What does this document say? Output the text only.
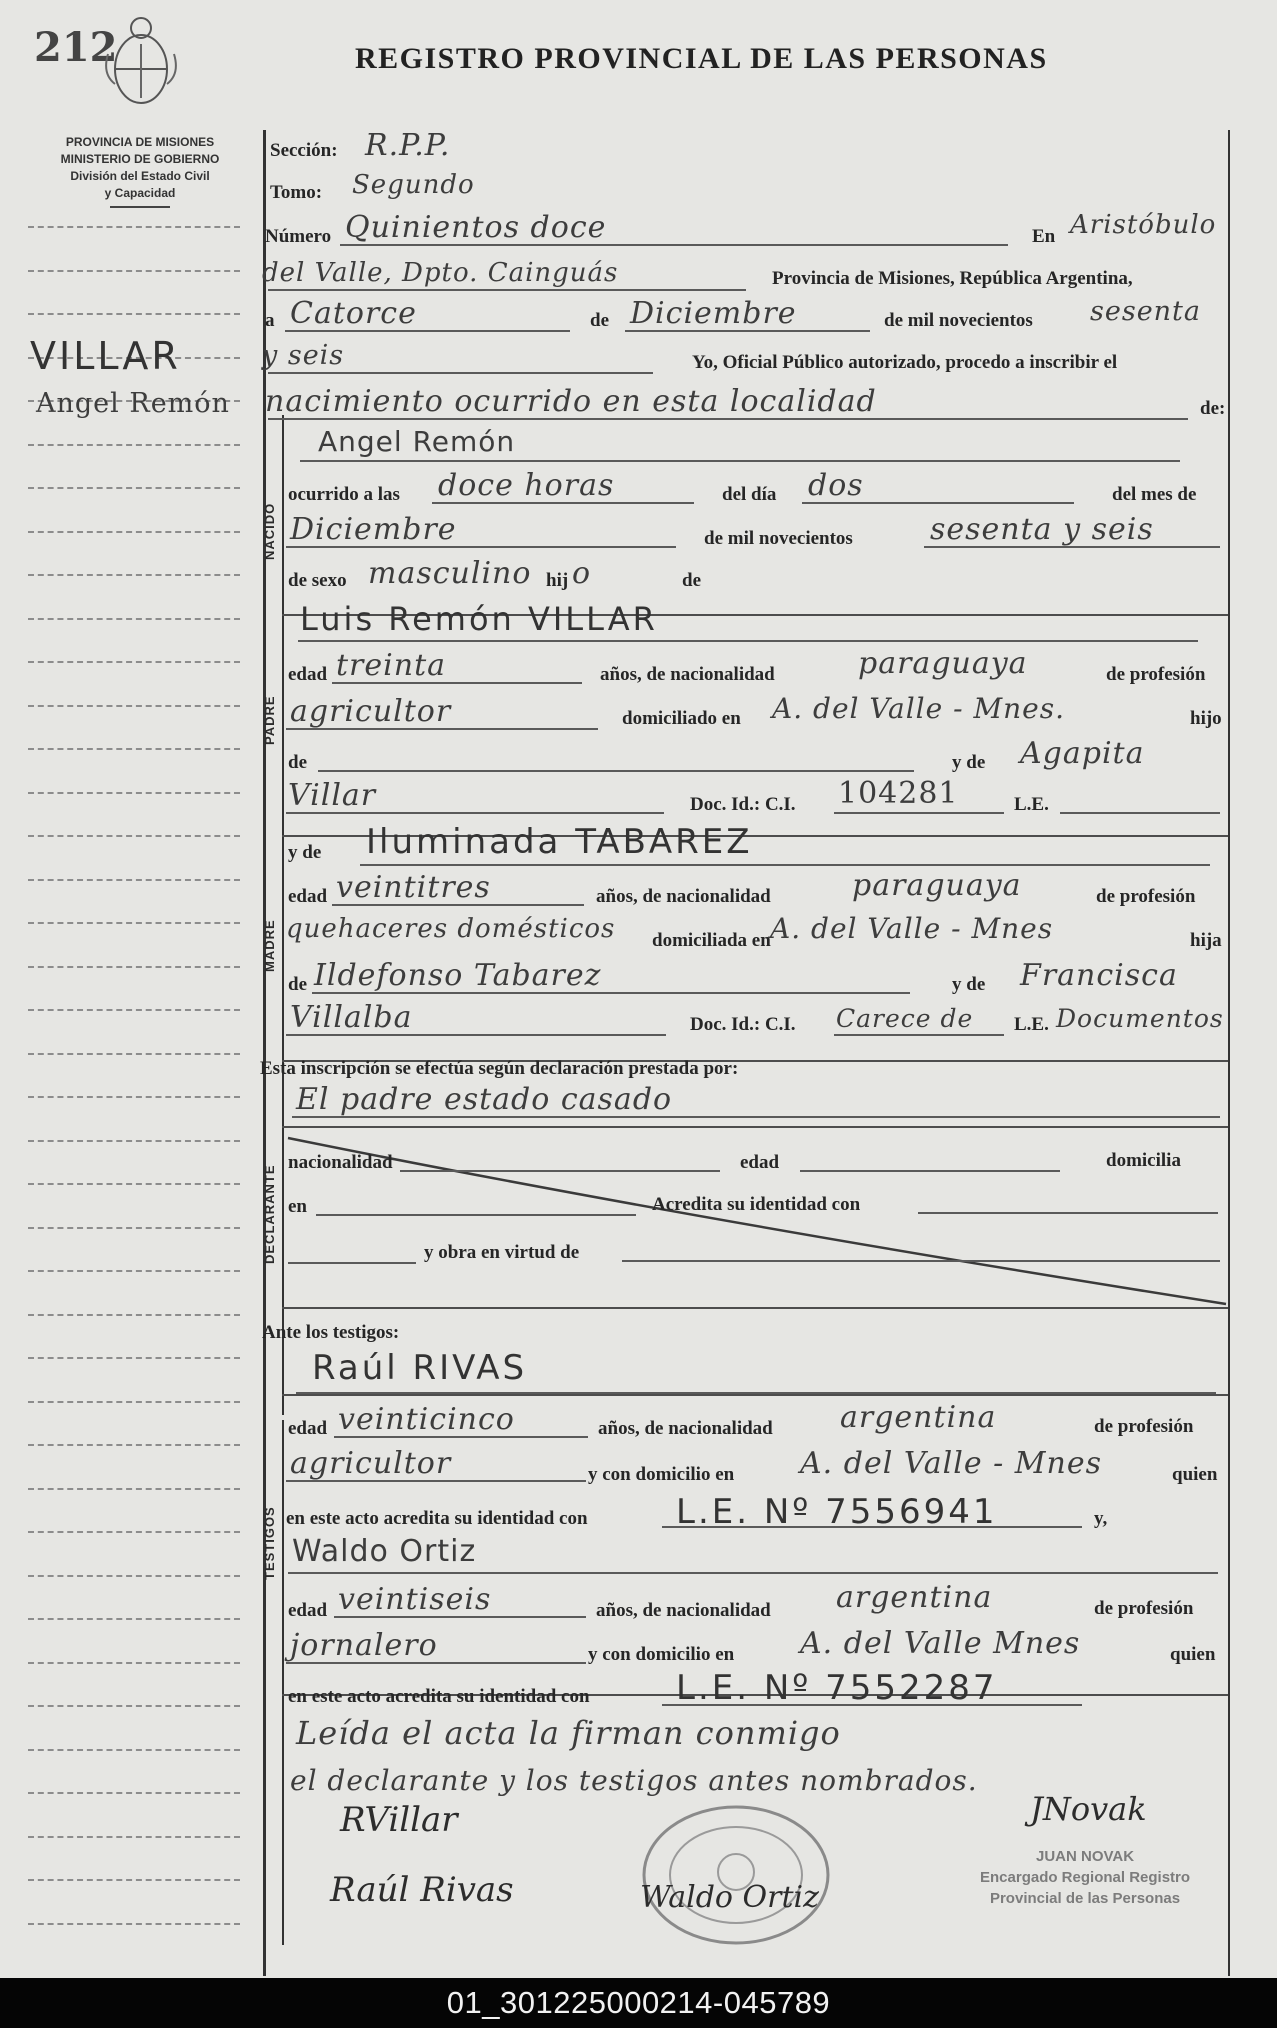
212	REGISTRO PROVINCIAL DE LAS PERSONAS
PROVINCIA DE MISIONES
MINISTERIO DE GOBIERNO
División del Estado Civil
y Capacidad
VILLAR
Angel Remón
NACIDO
PADRE
MADRE
DECLARANTE
TESTIGOS
Sección: R.P.P.
Tomo: Segundo
Número Quinientos doce	En Aristóbulo
del Valle, Dpto. Cainguás	Provincia de Misiones, República Argentina,
a Catorce	de Diciembre	de mil novecientos sesenta
y seis	Yo, Oficial Público autorizado, procedo a inscribir el
nacimiento ocurrido en esta localidad	de:
Angel Remón
ocurrido a las doce horas	del día dos	del mes de
Diciembre	de mil novecientos	sesenta y seis
de sexo masculino hij o	de
Luis Remón VILLAR
edad treinta	años, de nacionalidad	paraguaya	de profesión
agricultor	domiciliado en A. del Valle - Mnes.	hijo
de	y de Agapita
Villar	Doc. Id.: C.I. 104281	L.E.
y de Iluminada TABAREZ
edad veintitres	años, de nacionalidad	paraguaya	de profesión
quehaceres domésticos domiciliada en A. del Valle - Mnes	hija
de Ildefonso Tabarez	y de Francisca
Villalba	Doc. Id.: C.I. Carece de L.E. Documentos
Esta inscripción se efectúa según declaración prestada por:
El padre estado casado
nacionalidad	edad	domicilia
en	Acredita su identidad con
y obra en virtud de
Ante los testigos:
Raúl RIVAS
edad veinticinco	años, de nacionalidad argentina	de profesión
agricultor	y con domicilio en A. del Valle - Mnes	quien
en este acto acredita su identidad con	L.E. Nº 7556941	y,
Waldo Ortiz
edad veintiseis	años, de nacionalidad argentina	de profesión
jornalero	y con domicilio en A. del Valle Mnes	quien
en este acto acredita su identidad con	L.E. Nº 7552287
Leída el acta la firman conmigo
el declarante y los testigos antes nombrados.
JUAN NOVAK
Encargado Regional Registro
Provincial de las Personas
RVillar	JNovak
Raúl Rivas	Waldo Ortiz
01_301225000214-045789
